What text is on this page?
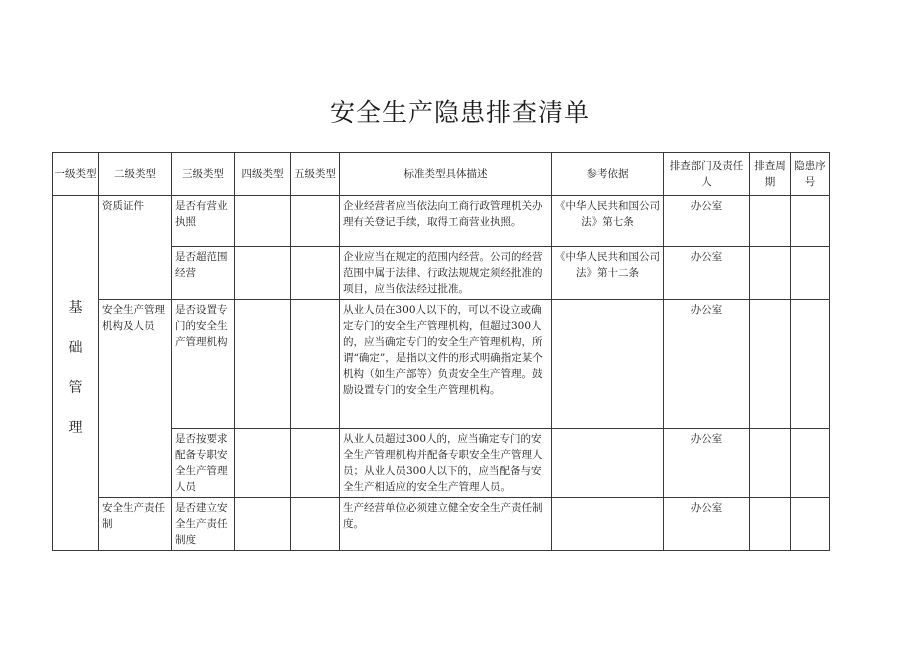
安全生产隐患排查清单
一级类型	二级类型	三级类型	四级类型	五级类型	标准类型具体描述	参考依据	排查部门及责任人	排查周期	隐患序号

基
础
管
理	资质证件	是否有营业执照			企业经营者应当依法向工商行政管理机关办理有关登记手续，取得工商营业执照。	《中华人民共和国公司法》第七条	办公室		
		是否超范围经营			企业应当在规定的范围内经营。公司的经营范围中属于法律、行政法规规定须经批准的项目，应当依法经过批准。	《中华人民共和国公司法》第十二条	办公室		
	安全生产管理机构及人员	是否设置专门的安全生产管理机构			从业人员在300人以下的，可以不设立或确定专门的安全生产管理机构，但超过300人的，应当确定专门的安全生产管理机构，所谓“确定”，是指以文件的形式明确指定某个机构（如生产部等）负责安全生产管理。鼓励设置专门的安全生产管理机构。		办公室		
		是否按要求配备专职安全生产管理人员			从业人员超过300人的，应当确定专门的安全生产管理机构并配备专职安全生产管理人员；从业人员300人以下的，应当配备与安全生产相适应的安全生产管理人员。		办公室		
	安全生产责任制	是否建立安全生产责任制度			生产经营单位必须建立健全安全生产责任制度。		办公室		
